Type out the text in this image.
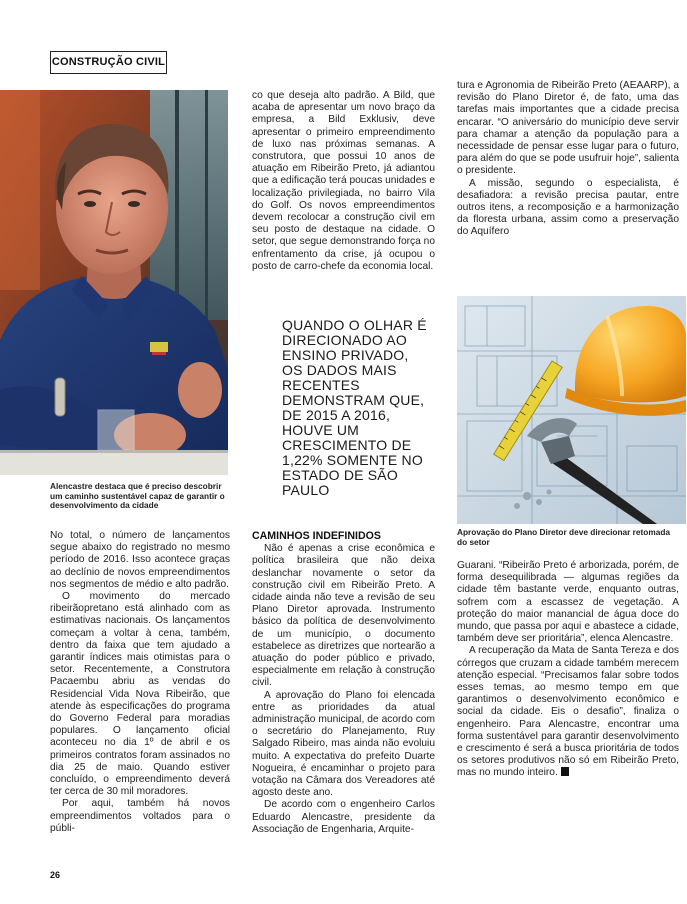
CONSTRUÇÃO CIVIL
Alencastre destaca que é preciso descobrir um caminho sustentável capaz de garantir o desenvolvimento da cidade

co que deseja alto padrão. A Bild, que acaba de apresentar um novo braço da empresa, a Bild Exklusiv, deve apresentar o primeiro empreendimento de luxo nas próximas semanas. A construtora, que possui 10 anos de atuação em Ribeirão Preto, já adiantou que a edificação terá poucas unidades e localização privilegiada, no bairro Vila do Golf. Os novos empreendimentos devem recolocar a construção civil em seu posto de destaque na cidade. O setor, que segue demonstrando força no enfrentamento da crise, já ocupou o posto de carro-chefe da economia local.

tura e Agronomia de Ribeirão Preto (AEAARP), a revisão do Plano Diretor é, de fato, uma das tarefas mais importantes que a cidade precisa encarar. “O aniversário do município deve servir para chamar a atenção da população para a necessidade de pensar esse lugar para o futuro, para além do que se pode usufruir hoje”, salienta o presidente.

A missão, segundo o especialista, é desafiadora: a revisão precisa pautar, entre outros itens, a recomposição e a harmonização da floresta urbana, assim como a preservação do Aquífero

QUANDO O OLHAR É DIRECIONADO AO ENSINO PRIVADO, OS DADOS MAIS RECENTES DEMONSTRAM QUE, DE 2015 A 2016, HOUVE UM CRESCIMENTO DE 1,22% SOMENTE NO ESTADO DE SÃO PAULO
Aprovação do Plano Diretor deve direcionar retomada do setor

No total, o número de lançamentos segue abaixo do registrado no mesmo período de 2016. Isso acontece graças ao declínio de novos empreendimentos nos segmentos de médio e alto padrão.

O movimento do mercado ribeirãopretano está alinhado com as estimativas nacionais. Os lançamentos começam a voltar à cena, também, dentro da faixa que tem ajudado a garantir índices mais otimistas para o setor. Recentemente, a Construtora Pacaembu abriu as vendas do Residencial Vida Nova Ribeirão, que atende às especificações do programa do Governo Federal para moradias populares. O lançamento oficial aconteceu no dia 1º de abril e os primeiros contratos foram assinados no dia 25 de maio. Quando estiver concluído, o empreendimento deverá ter cerca de 30 mil moradores.

Por aqui, também há novos empreendimentos voltados para o públi-

CAMINHOS INDEFINIDOS

Não é apenas a crise econômica e política brasileira que não deixa deslanchar novamente o setor da construção civil em Ribeirão Preto. A cidade ainda não teve a revisão de seu Plano Diretor aprovada. Instrumento básico da política de desenvolvimento de um município, o documento estabelece as diretrizes que nortearão a atuação do poder público e privado, especialmente em relação à construção civil.

A aprovação do Plano foi elencada entre as prioridades da atual administração municipal, de acordo com o secretário do Planejamento, Ruy Salgado Ribeiro, mas ainda não evoluiu muito. A expectativa do prefeito Duarte Nogueira, é encaminhar o projeto para votação na Câmara dos Vereadores até agosto deste ano.

De acordo com o engenheiro Carlos Eduardo Alencastre, presidente da Associação de Engenharia, Arquite-

Guarani. “Ribeirão Preto é arborizada, porém, de forma desequilibrada — algumas regiões da cidade têm bastante verde, enquanto outras, sofrem com a escassez de vegetação. A proteção do maior manancial de água doce do mundo, que passa por aqui e abastece a cidade, também deve ser prioritária”, elenca Alencastre.

A recuperação da Mata de Santa Tereza e dos córregos que cruzam a cidade também merecem atenção especial. “Precisamos falar sobre todos esses temas, ao mesmo tempo em que garantimos o desenvolvimento econômico e social da cidade. Eis o desafio”, finaliza o engenheiro. Para Alencastre, encontrar uma forma sustentável para garantir desenvolvimento e crescimento é será a busca prioritária de todos os setores produtivos não só em Ribeirão Preto, mas no mundo inteiro.

26
